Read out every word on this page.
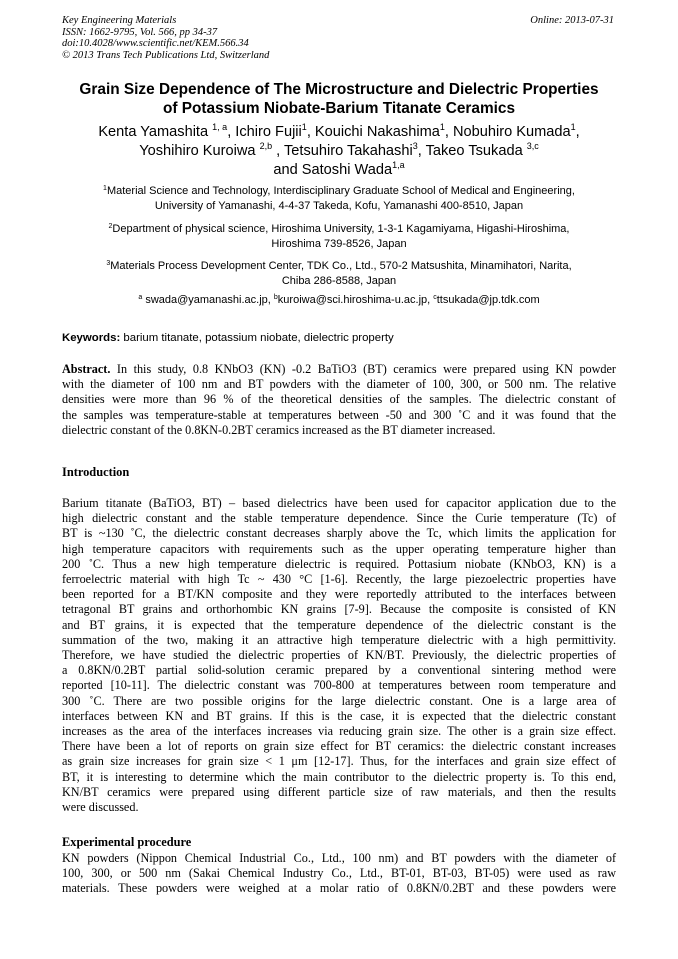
Key Engineering Materials
ISSN: 1662-9795, Vol. 566, pp 34-37
doi:10.4028/www.scientific.net/KEM.566.34
© 2013 Trans Tech Publications Ltd, Switzerland
Online: 2013-07-31
Grain Size Dependence of The Microstructure and Dielectric Properties
of Potassium Niobate-Barium Titanate Ceramics
Kenta Yamashita $^{1, a}$, Ichiro Fujii$^1$, Kouichi Nakashima$^1$, Nobuhiro Kumada$^1$,
Yoshihiro Kuroiwa $^{2,b}$ , Tetsuhiro Takahashi$^3$, Takeo Tsukada $^{3,c}$
and Satoshi Wada$^{1,a}$
$^1$Material Science and Technology, Interdisciplinary Graduate School of Medical and Engineering,
University of Yamanashi, 4-4-37 Takeda, Kofu, Yamanashi 400-8510, Japan
$^2$Department of physical science, Hiroshima University, 1-3-1 Kagamiyama, Higashi-Hiroshima,
Hiroshima 739-8526, Japan
$^3$Materials Process Development Center, TDK Co., Ltd., 570-2 Matsushita, Minamihatori, Narita,
Chiba 286-8588, Japan
$^a$ swada@yamanashi.ac.jp, $^b$kuroiwa@sci.hiroshima-u.ac.jp, $^c$ttsukada@jp.tdk.com
Keywords: barium titanate, potassium niobate, dielectric property
Abstract. In this study, 0.8 KNbO3 (KN) -0.2 BaTiO3 (BT) ceramics were prepared using KN powder
with the diameter of 100 nm and BT powders with the diameter of 100, 300, or 500 nm. The relative
densities were more than 96 % of the theoretical densities of the samples. The dielectric constant of
the samples was temperature-stable at temperatures between -50 and 300 ˚C and it was found that the
dielectric constant of the 0.8KN-0.2BT ceramics increased as the BT diameter increased.
Introduction
Barium titanate (BaTiO3, BT) – based dielectrics have been used for capacitor application due to the
high dielectric constant and the stable temperature dependence. Since the Curie temperature (Tc) of
BT is ~130 ˚C, the dielectric constant decreases sharply above the Tc, which limits the application for
high temperature capacitors with requirements such as the upper operating temperature higher than
200 ˚C. Thus a new high temperature dielectric is required. Pottasium niobate (KNbO3, KN) is a
ferroelectric material with high Tc ~ 430 °C [1-6]. Recently, the large piezoelectric properties have
been reported for a BT/KN composite and they were reportedly attributed to the interfaces between
tetragonal BT grains and orthorhombic KN grains [7-9]. Because the composite is consisted of KN
and BT grains, it is expected that the temperature dependence of the dielectric constant is the
summation of the two, making it an attractive high temperature dielectric with a high permittivity.
Therefore, we have studied the dielectric properties of KN/BT. Previously, the dielectric properties of
a 0.8KN/0.2BT partial solid-solution ceramic prepared by a conventional sintering method were
reported [10-11]. The dielectric constant was 700-800 at temperatures between room temperature and
300 ˚C. There are two possible origins for the large dielectric constant. One is a large area of
interfaces between KN and BT grains. If this is the case, it is expected that the dielectric constant
increases as the area of the interfaces increases via reducing grain size. The other is a grain size effect.
There have been a lot of reports on grain size effect for BT ceramics: the dielectric constant increases
as grain size increases for grain size < 1 μm [12-17]. Thus, for the interfaces and grain size effect of
BT, it is interesting to determine which the main contributor to the dielectric property is. To this end,
KN/BT ceramics were prepared using different particle size of raw materials, and then the results
were discussed.
Experimental procedure
KN powders (Nippon Chemical Industrial Co., Ltd., 100 nm) and BT powders with the diameter of
100, 300, or 500 nm (Sakai Chemical Industry Co., Ltd., BT-01, BT-03, BT-05) were used as raw
materials. These powders were weighed at a molar ratio of 0.8KN/0.2BT and these powders were
